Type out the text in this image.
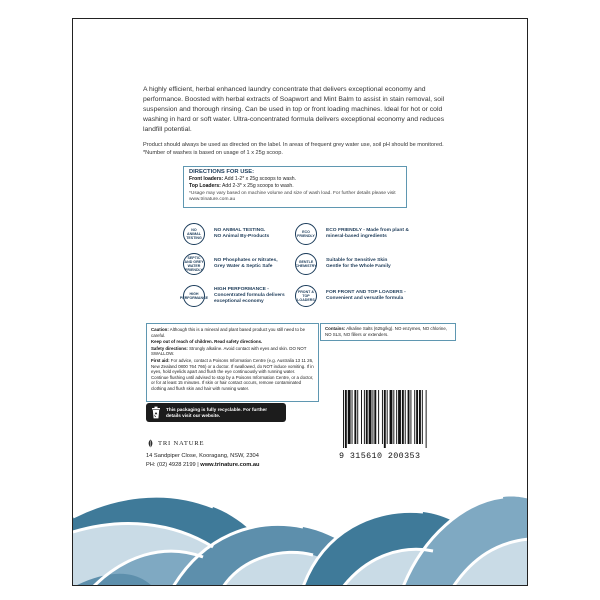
A highly efficient, herbal enhanced laundry concentrate that delivers exceptional economy and performance. Boosted with herbal extracts of Soapwort and Mint Balm to assist in stain removal, soil suspension and thorough rinsing. Can be used in top or front loading machines. Ideal for hot or cold washing in hard or soft water. Ultra-concentrated formula delivers exceptional economy and reduces landfill potential.

Product should always be used as directed on the label. In areas of frequent grey water use, soil pH should be monitored.

*Number of washes is based on usage of 1 x 25g scoop.

DIRECTIONS FOR USE:
Front loaders: Add 1-2* x 25g scoops to wash.
Top Loaders: Add 2-3* x 25g scoops to wash.
*Usage may vary based on machine volume and size of wash load. For further details please visit www.trinature.com.au
NO ANIMAL TESTING
NO ANIMAL TESTING.
NO Animal By-Products
ECO FRIENDLY
ECO FRIENDLY - Made from plant &
mineral-based ingredients
SEPTIC AND GREY WATER FRIENDLY
NO Phosphates or Nitrates,
Grey Water & Septic Safe
GENTLE CHEMISTRY
Suitable for Sensitive Skin
Gentle for the Whole Family
HIGH PERFORMANCE
HIGH PERFORMANCE -
Concentrated formula delivers
exceptional economy
FRONT & TOP LOADERS
FOR FRONT AND TOP LOADERS -
Convenient and versatile formula

Caution: Although this is a mineral and plant based product you still need to be careful.

Keep out of reach of children. Read safety directions.

Safety directions: Strongly alkaline. Avoid contact with eyes and skin. DO NOT SWALLOW.

First aid: For advice, contact a Poisons Information Centre (e.g. Australia 13 11 26, New Zealand 0800 764 766) or a doctor. If swallowed, do NOT induce vomiting. If in eyes, hold eyelids apart and flush the eye continuously with running water. Continue flushing until advised to stop by a Poisons Information Centre, or a doctor, or for at least 15 minutes. If skin or hair contact occurs, remove contaminated clothing and flush skin and hair with running water.

Contains: Alkaline Salts (625g/kg). NO enzymes, NO chlorine, NO SLS, NO fillers or extenders.
This packaging is fully recyclable. For further details visit our website.
TRI NATURE
14 Sandpiper Close, Kooragang, NSW, 2304
PH: (02) 4928 2199 | www.trinature.com.au
9 315610 200353
